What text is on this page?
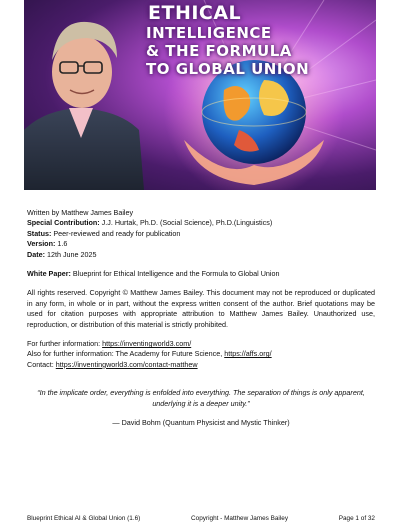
ETHICAL
INTELLIGENCE
& THE FORMULA
TO GLOBAL UNION
Written by Matthew James Bailey
Special Contribution: J.J. Hurtak, Ph.D. (Social Science), Ph.D.(Linguistics)
Status: Peer-reviewed and ready for publication
Version: 1.6
Date: 12th June 2025
White Paper: Blueprint for Ethical Intelligence and the Formula to Global Union
All rights reserved. Copyright © Matthew James Bailey. This document may not be reproduced or duplicated in any form, in whole or in part, without the express written consent of the author. Brief quotations may be used for citation purposes with appropriate attribution to Matthew James Bailey. Unauthorized use, reproduction, or distribution of this material is strictly prohibited.
For further information: https://inventingworld3.com/
Also for further information: The Academy for Future Science, https://affs.org/
Contact: https://inventingworld3.com/contact-matthew
“In the implicate order, everything is enfolded into everything. The separation of things is only apparent, underlying it is a deeper unity.”
— David Bohm (Quantum Physicist and Mystic Thinker)
Blueprint Ethical AI & Global Union (1.6)	Copyright - Matthew James Bailey	Page 1 of 32
